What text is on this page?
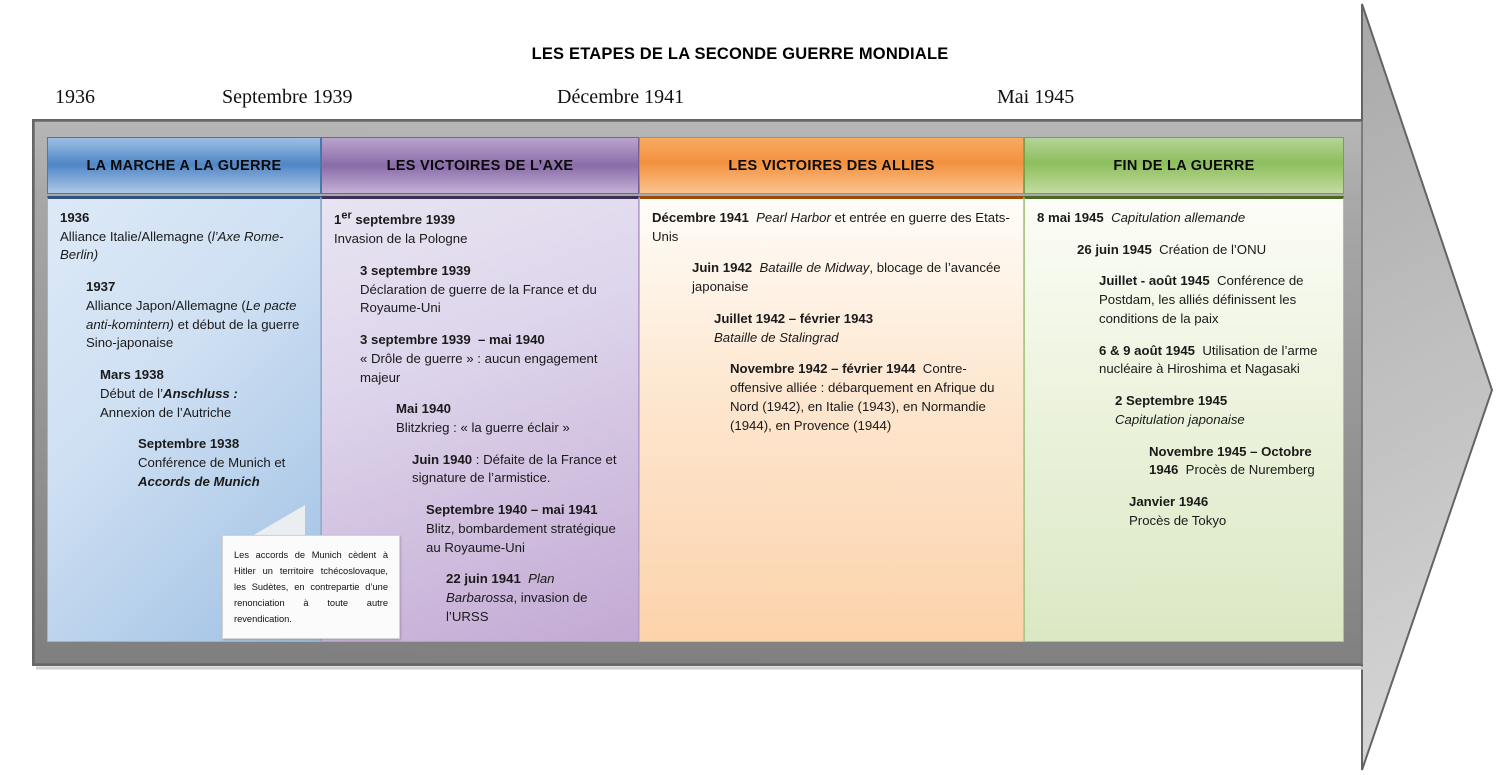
LES ETAPES DE LA SECONDE GUERRE MONDIALE
1936	Septembre 1939	Décembre 1941	Mai 1945
LA MARCHE A LA GUERRE
1936
Alliance Italie/Allemagne (l’Axe Rome-Berlin)
1937
Alliance Japon/Allemagne (Le pacte anti-komintern) et début de la guerre Sino-japonaise
Mars 1938
Début de l’Anschluss :
Annexion de l’Autriche
Septembre 1938
Conférence de Munich et Accords de Munich
LES VICTOIRES DE L’AXE
1er septembre 1939
Invasion de la Pologne
3 septembre 1939
Déclaration de guerre de la France et du Royaume-Uni
3 septembre 1939  – mai 1940
« Drôle de guerre » : aucun engagement majeur
Mai 1940
Blitzkrieg : « la guerre éclair »
Juin 1940 : Défaite de la France et signature de l’armistice.
Septembre 1940 – mai 1941  Blitz, bombardement stratégique au Royaume-Uni
22 juin 1941 Plan Barbarossa, invasion de l’URSS
LES VICTOIRES DES ALLIES
Décembre 1941 Pearl Harbor et entrée en guerre des Etats-Unis
Juin 1942 Bataille de Midway, blocage de l’avancée japonaise
Juillet 1942 – février 1943
Bataille de Stalingrad
Novembre 1942 – février 1944  Contre-offensive alliée : débarquement en Afrique du Nord (1942), en Italie (1943), en Normandie (1944), en Provence (1944)
FIN DE LA GUERRE
8 mai 1945 Capitulation allemande
26 juin 1945  Création de l’ONU
Juillet - août 1945  Conférence de Postdam, les alliés définissent les conditions de la paix
6 & 9 août 1945  Utilisation de l’arme nucléaire à Hiroshima et Nagasaki
2 Septembre 1945
Capitulation japonaise
Novembre 1945 – Octobre 1946  Procès de Nuremberg
Janvier 1946
Procès de Tokyo
Les accords de Munich cèdent à Hitler un territoire tchécoslovaque, les Sudètes, en contrepartie d’une renonciation à toute autre revendication.
